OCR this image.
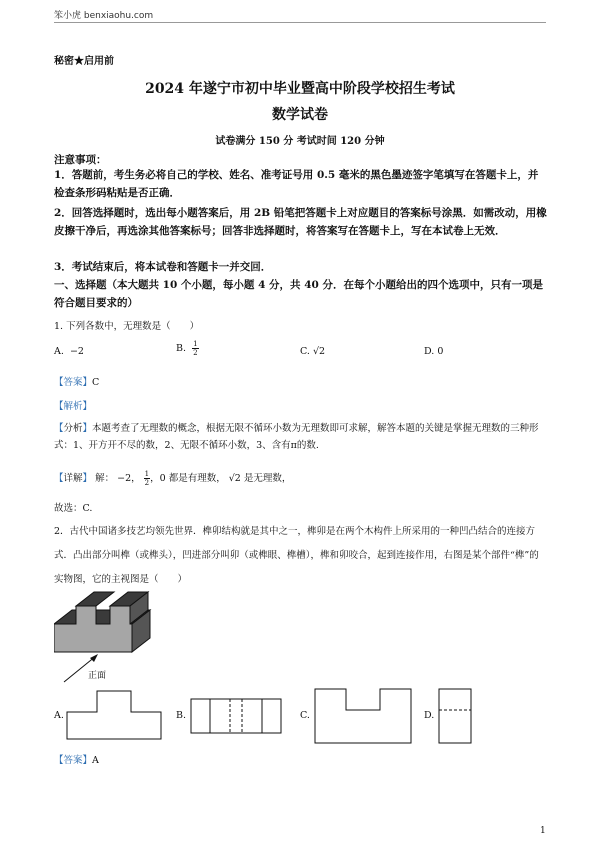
笨小虎 benxiaohu.com
秘密★启用前
2024 年遂宁市初中毕业暨高中阶段学校招生考试
数学试卷
试卷满分 150 分 考试时间 120 分钟
注意事项：
1．答题前，考生务必将自己的学校、姓名、准考证号用 0.5 毫米的黑色墨迹签字笔填写在答题卡上，并检查条形码粘贴是否正确．
2．回答选择题时，选出每小题答案后，用 2B 铅笔把答题卡上对应题目的答案标号涂黑．如需改动，用橡皮擦干净后，再选涂其他答案标号；回答非选择题时，将答案写在答题卡上，写在本试卷上无效．
3．考试结束后，将本试卷和答题卡一并交回．
一、选择题（本大题共 10 个小题，每小题 4 分，共 40 分．在每个小题给出的四个选项中，只有一项是符合题目要求的）
1. 下列各数中，无理数是（　　）
A. −2	B. $\frac{1}{2}$	C. √2	D. 0
【答案】C
【解析】
【分析】本题考查了无理数的概念，根据无限不循环小数为无理数即可求解，解答本题的关键是掌握无理数的三种形式：1、开方开不尽的数，2、无限不循环小数，3、含有π的数.
【详解】 解： −2， $\frac{1}{2}$ ，0 都是有理数， √2 是无理数，
故选：C.
2．古代中国诸多技艺均领先世界．榫卯结构就是其中之一，榫卯是在两个木构件上所采用的一种凹凸结合的连接方式．凸出部分叫榫（或榫头），凹进部分叫卯（或榫眼、榫槽），榫和卯咬合，起到连接作用，右图是某个部件“榫”的实物图，它的主视图是（　　）
正面
A.	B.	C.	D.
【答案】A
1
